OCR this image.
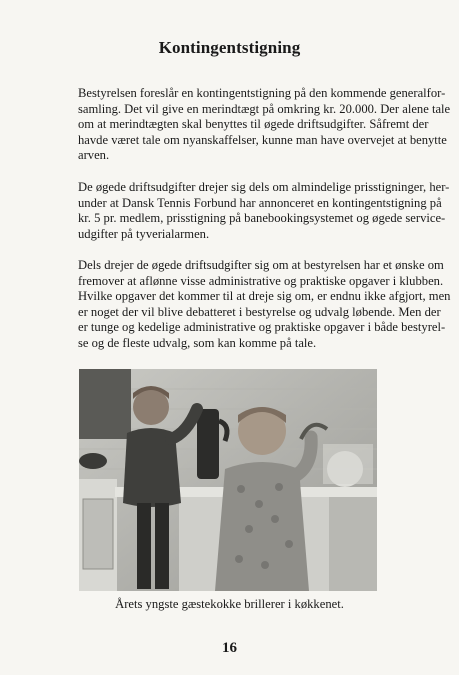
Kontingentstigning
Bestyrelsen foreslår en kontingentstigning på den kommende generalfor-
samling. Det vil give en merindtægt på omkring kr. 20.000. Der alene tale
om at merindtægten skal benyttes til øgede driftsudgifter. Såfremt der
havde været tale om nyanskaffelser, kunne man have overvejet at benytte
arven.
De øgede driftsudgifter drejer sig dels om almindelige prisstigninger, her-
under at Dansk Tennis Forbund har annonceret en kontingentstigning på
kr. 5 pr. medlem, prisstigning på banebookingsystemet og øgede service-
udgifter på tyverialarmen.
Dels drejer de øgede driftsudgifter sig om at bestyrelsen har et ønske om
fremover at aflønne visse administrative og praktiske opgaver i klubben.
Hvilke opgaver det kommer til at dreje sig om, er endnu ikke afgjort, men
er noget der vil blive debatteret i bestyrelse og udvalg løbende. Men der
er tunge og kedelige administrative og praktiske opgaver i både bestyrel-
se og de fleste udvalg, som kan komme på tale.
Årets yngste gæstekokke brillerer i køkkenet.
16
